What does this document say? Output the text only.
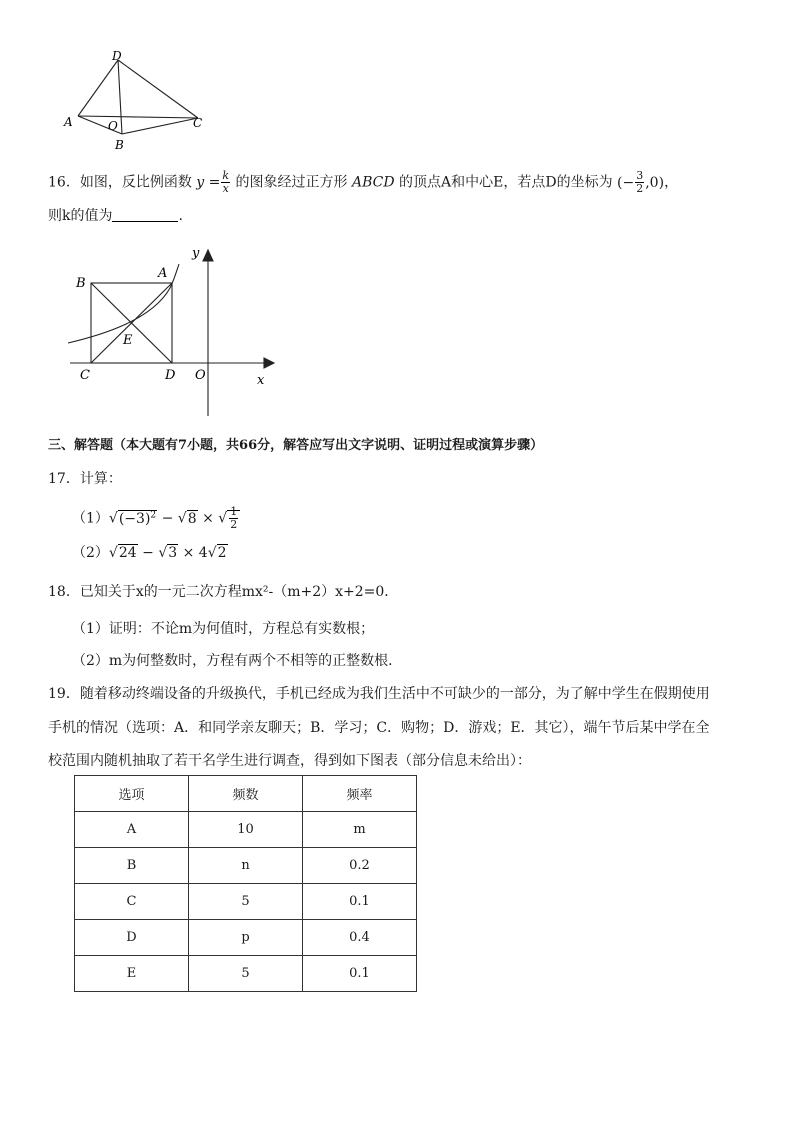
D
A	O	C
B
16．如图，反比例函数 $y = \frac{k}{x}$ 的图象经过正方形 ABCD 的顶点A和中心E，若点D的坐标为 (− $\frac{3}{2} ,0$)，
则k的值为	.
y
B
A
E
C	D O	x
三、解答题（本大题有7小题，共66分，解答应写出文字说明、证明过程或演算步骤）
17．计算：
$(1)√(-3)^2 - √8$ × √ $\frac{1}{2}$
（2）√24 − √3 × 4√2
18．已知关于x的一元二次方程mx²-（m+2）x+2=0．
（1）证明：不论m为何值时，方程总有实数根；
（2）m为何整数时，方程有两个不相等的正整数根．
19．随着移动终端设备的升级换代，手机已经成为我们生活中不可缺少的一部分，为了解中学生在假期使用
手机的情况（选项：A．和同学亲友聊天；B．学习；C．购物；D．游戏；E．其它），端午节后某中学在全
校范围内随机抽取了若干名学生进行调查，得到如下图表（部分信息未给出）：
选项	频数	频率
A	10	m
B	n	0.2
C	5	0.1
D	p	0.4
E	5	0.1
